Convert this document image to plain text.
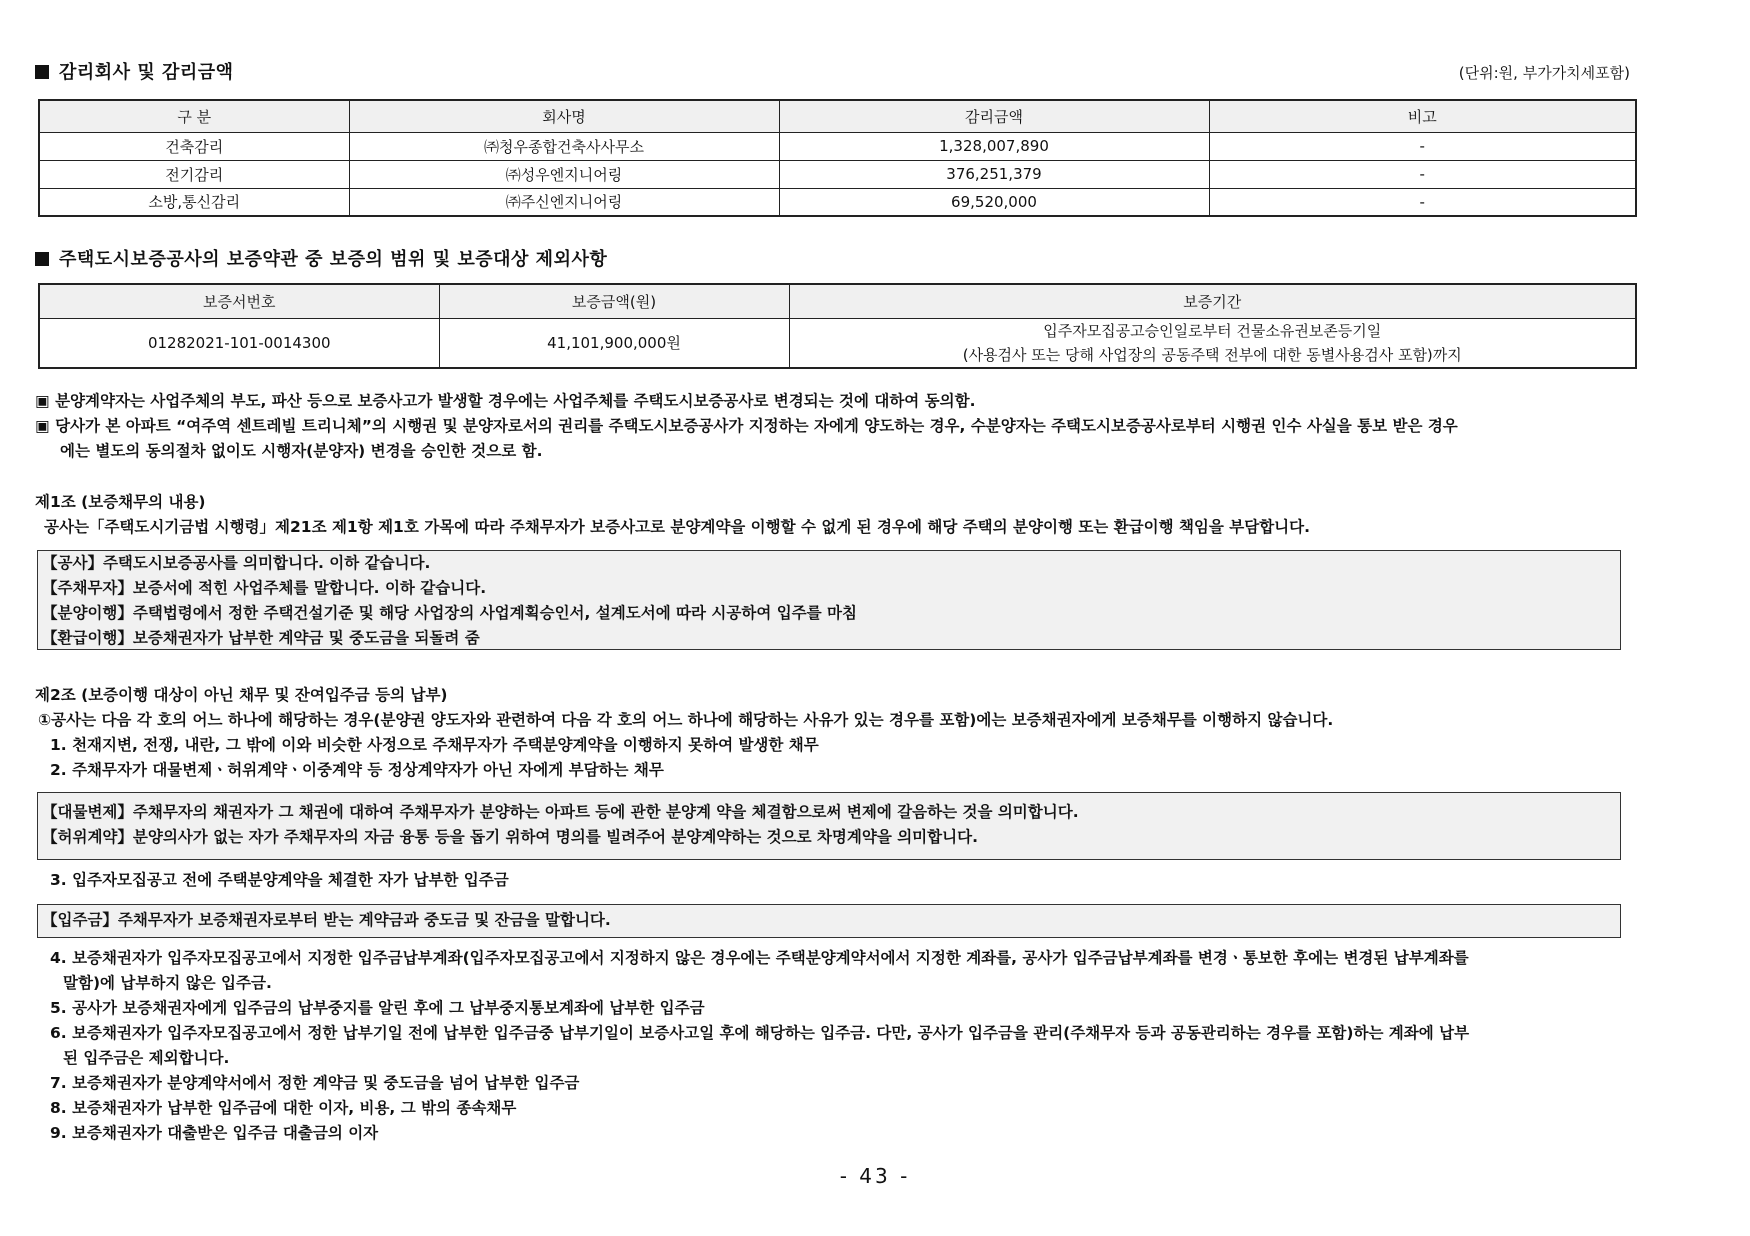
감리회사 및 감리금액	(단위:원, 부가가치세포함)
구 분	회사명	감리금액	비고
건축감리	㈜청우종합건축사사무소	1,328,007,890	-
전기감리	㈜성우엔지니어링	376,251,379	-
소방,통신감리	㈜주신엔지니어링	69,520,000	-
주택도시보증공사의 보증약관 중 보증의 범위 및 보증대상 제외사항
보증서번호	보증금액(원)	보증기간
01282021-101-0014300	41,101,900,000원	입주자모집공고승인일로부터 건물소유권보존등기일
(사용검사 또는 당해 사업장의 공동주택 전부에 대한 동별사용검사 포함)까지
▣ 분양계약자는 사업주체의 부도, 파산 등으로 보증사고가 발생할 경우에는 사업주체를 주택도시보증공사로 변경되는 것에 대하여 동의함.
▣ 당사가 본 아파트 “여주역 센트레빌 트리니체”의 시행권 및 분양자로서의 권리를 주택도시보증공사가 지정하는 자에게 양도하는 경우, 수분양자는 주택도시보증공사로부터 시행권 인수 사실을 통보 받은 경우
에는 별도의 동의절차 없이도 시행자(분양자) 변경을 승인한 것으로 함.
제1조 (보증채무의 내용)
공사는「주택도시기금법 시행령」제21조 제1항 제1호 가목에 따라 주채무자가 보증사고로 분양계약을 이행할 수 없게 된 경우에 해당 주택의 분양이행 또는 환급이행 책임을 부담합니다.
【공사】주택도시보증공사를 의미합니다. 이하 같습니다.
【주채무자】보증서에 적힌 사업주체를 말합니다. 이하 같습니다.
【분양이행】주택법령에서 정한 주택건설기준 및 해당 사업장의 사업계획승인서, 설계도서에 따라 시공하여 입주를 마침
【환급이행】보증채권자가 납부한 계약금 및 중도금을 되돌려 줌
제2조 (보증이행 대상이 아닌 채무 및 잔여입주금 등의 납부)
①공사는 다음 각 호의 어느 하나에 해당하는 경우(분양권 양도자와 관련하여 다음 각 호의 어느 하나에 해당하는 사유가 있는 경우를 포함)에는 보증채권자에게 보증채무를 이행하지 않습니다.
1. 천재지변, 전쟁, 내란, 그 밖에 이와 비슷한 사정으로 주채무자가 주택분양계약을 이행하지 못하여 발생한 채무
2. 주채무자가 대물변제ㆍ허위계약ㆍ이중계약 등 정상계약자가 아닌 자에게 부담하는 채무
【대물변제】주채무자의 채권자가 그 채권에 대하여 주채무자가 분양하는 아파트 등에 관한 분양계 약을 체결함으로써 변제에 갈음하는 것을 의미합니다.
【허위계약】분양의사가 없는 자가 주채무자의 자금 융통 등을 돕기 위하여 명의를 빌려주어 분양계약하는 것으로 차명계약을 의미합니다.
3. 입주자모집공고 전에 주택분양계약을 체결한 자가 납부한 입주금
【입주금】주채무자가 보증채권자로부터 받는 계약금과 중도금 및 잔금을 말합니다.
4. 보증채권자가 입주자모집공고에서 지정한 입주금납부계좌(입주자모집공고에서 지정하지 않은 경우에는 주택분양계약서에서 지정한 계좌를, 공사가 입주금납부계좌를 변경ㆍ통보한 후에는 변경된 납부계좌를
말함)에 납부하지 않은 입주금.
5. 공사가 보증채권자에게 입주금의 납부중지를 알린 후에 그 납부중지통보계좌에 납부한 입주금
6. 보증채권자가 입주자모집공고에서 정한 납부기일 전에 납부한 입주금중 납부기일이 보증사고일 후에 해당하는 입주금. 다만, 공사가 입주금을 관리(주채무자 등과 공동관리하는 경우를 포함)하는 계좌에 납부
된 입주금은 제외합니다.
7. 보증채권자가 분양계약서에서 정한 계약금 및 중도금을 넘어 납부한 입주금
8. 보증채권자가 납부한 입주금에 대한 이자, 비용, 그 밖의 종속채무
9. 보증채권자가 대출받은 입주금 대출금의 이자
- 43 -
